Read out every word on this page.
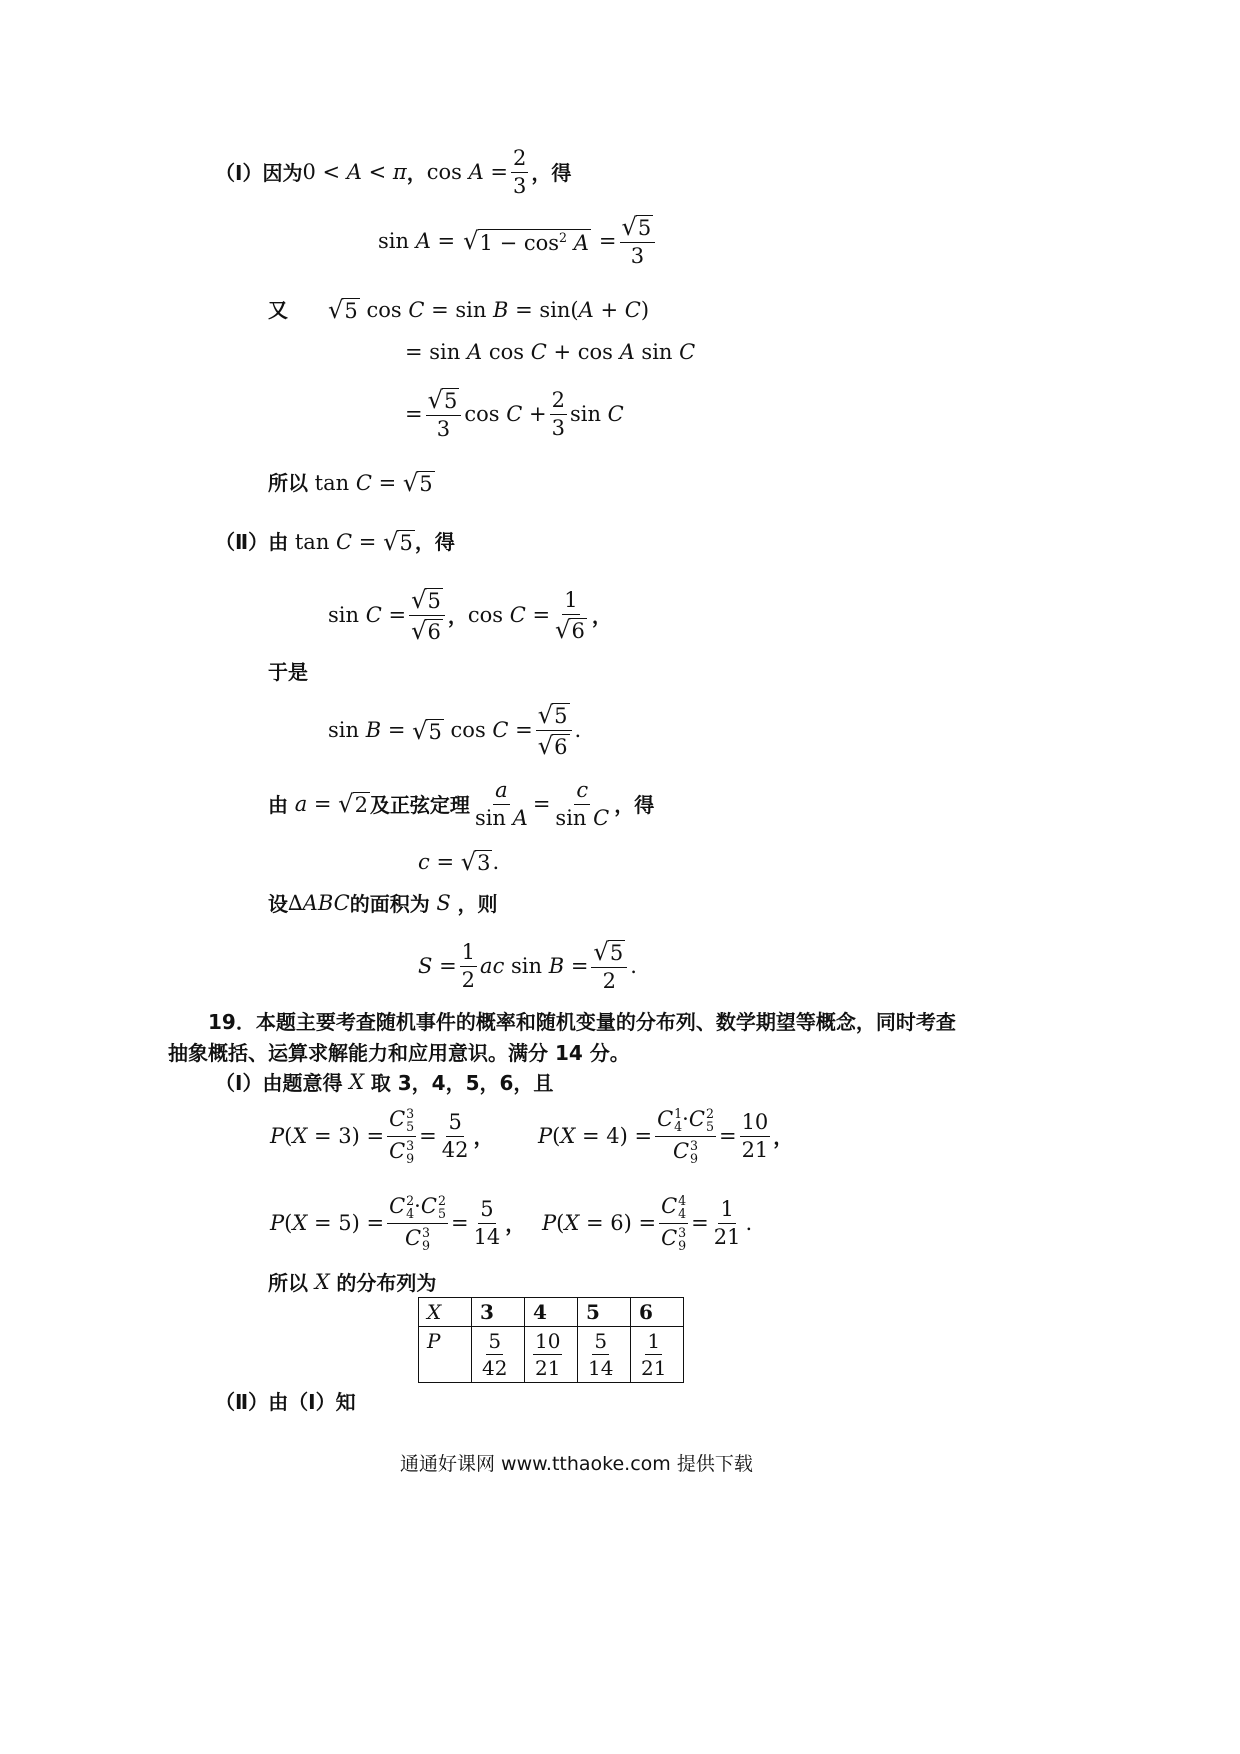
（Ⅰ） 因为 0 < A < π ， $\cos A = \frac{2}{3}$ ， 得
sin A = √ $1 - \cos^2 A = \frac{√ 5}{3}$
又 √ 5 cos C = sin B = sin(A + C)
= sin A cos C + cos A sin C
= $\frac{√ 5}{3}$ $\cos C + \frac{2}{3}$ sin C
所以 tan C = √ 5
（Ⅱ） 由 tan C = √ 5 ， 得
$\sin C = \frac{√ 5}{√ 6}$ ， $\cos C = \frac{1}{√ 6}$ ，
于是
sin B = √ 5 $\cos C = \frac{√ 5}{√ 6}$ .
由 a = √ 2 及正弦定理 $\frac{a}{\text{sin A}} = \frac{c}{\text{sin C}}$ ， 得
c = √ 3 .
设 ∆ABC 的面积为 S ， 则
$S = \frac{1}{2}$ ac $\sin B = \frac{√ 5}{2}$ .
19．本题主要考查随机事件的概率和随机变量的分布列、数学期望等概念，同时考查
抽象概括、运算求解能力和应用意识。满分 14 分。
（Ⅰ） 由题意得 X 取 3，4，5，6，且
P(X = 3) = C 3
5
C 3
$9 = \frac{5}{42}$ ， P(X = 4) = C 1
4 ·C 2
5
C 3
$9 = \frac{10}{21}$ ，
P(X = 5) = C 2
4 ·C 2
5
C 3
$9 = \frac{5}{14}$ ， P(X = 6) = C 4
4
C 3
$9 = \frac{1}{21}$ .
所以 X 的分布列为
X	3	4	5	6
P	$\frac{5}{42}$	$\frac{10}{21}$	$\frac{5}{14}$	$\frac{1}{21}$
（Ⅱ） 由（Ⅰ）知
通通好课网 www.tthaoke.com 提供下载
